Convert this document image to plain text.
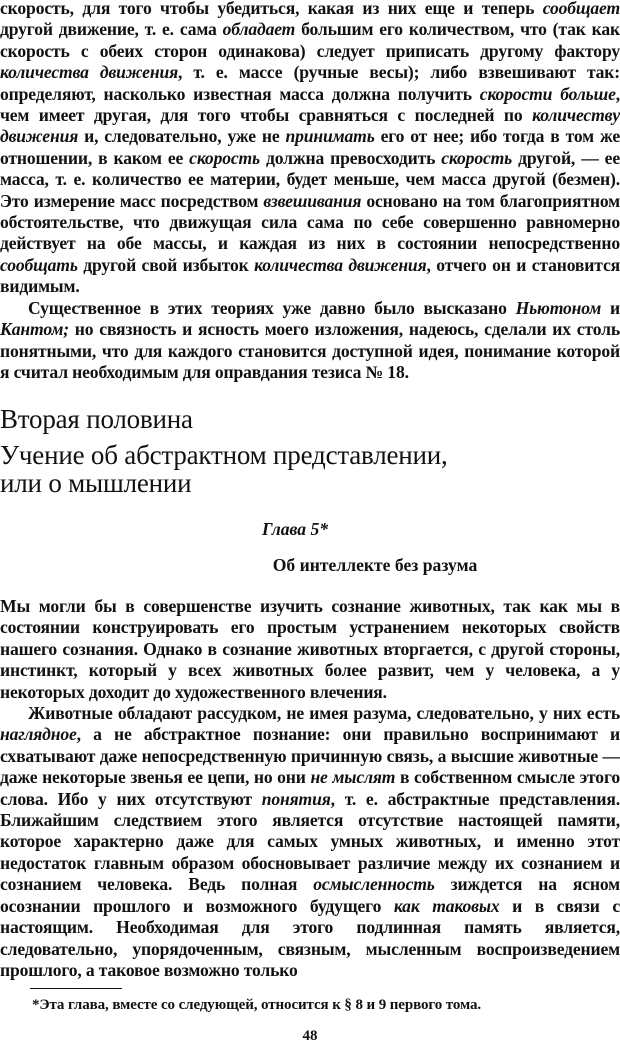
скорость, для того чтобы убедиться, какая из них еще и теперь сообщает другой движение, т. е. сама обладает большим его количеством, что (так как скорость с обеих сторон одинакова) следует приписать другому фактору количества движения, т. е. массе (ручные весы); либо взвешивают так: определяют, насколько известная масса должна получить скорости больше, чем имеет другая, для того чтобы сравняться с последней по количеству движения и, следовательно, уже не принимать его от нее; ибо тогда в том же отношении, в каком ее скорость должна превосходить скорость другой, — ее масса, т. е. количество ее материи, будет меньше, чем масса другой (безмен). Это измерение масс посредством взвешивания основано на том благоприятном обстоятельстве, что движущая сила сама по себе совершенно равномерно действует на обе массы, и каждая из них в состоянии непосредственно сообщать другой свой избыток количества движения, отчего он и становится видимым.

Существенное в этих теориях уже давно было высказано Ньютоном и Кантом; но связность и ясность моего изложения, надеюсь, сделали их столь понятными, что для каждого становится доступной идея, понимание которой я считал необходимым для оправдания тезиса № 18.

Вторая половина
Учение об абстрактном представлении,
или о мышлении
Глава 5*
Об интеллекте без разума

Мы могли бы в совершенстве изучить сознание животных, так как мы в состоянии конструировать его простым устранением некоторых свойств нашего сознания. Однако в сознание животных вторгается, с другой стороны, инстинкт, который у всех животных более развит, чем у человека, а у некоторых доходит до художественного влечения.

Животные обладают рассудком, не имея разума, следовательно, у них есть наглядное, а не абстрактное познание: они правильно воспринимают и схватывают даже непосредственную причинную связь, а высшие животные — даже некоторые звенья ее цепи, но они не мыслят в собственном смысле этого слова. Ибо у них отсутствуют понятия, т. е. абстрактные представления. Ближайшим следствием этого является отсутствие настоящей памяти, которое характерно даже для самых умных животных, и именно этот недостаток главным образом обосновывает различие между их сознанием и сознанием человека. Ведь полная осмысленность зиждется на ясном осознании прошлого и возможного будущего как таковых и в связи с настоящим. Необходимая для этого подлинная память является, следовательно, упорядоченным, связным, мысленным воспроизведением прошлого, а таковое возможно только

*Эта глава, вместе со следующей, относится к § 8 и 9 первого тома.
48
